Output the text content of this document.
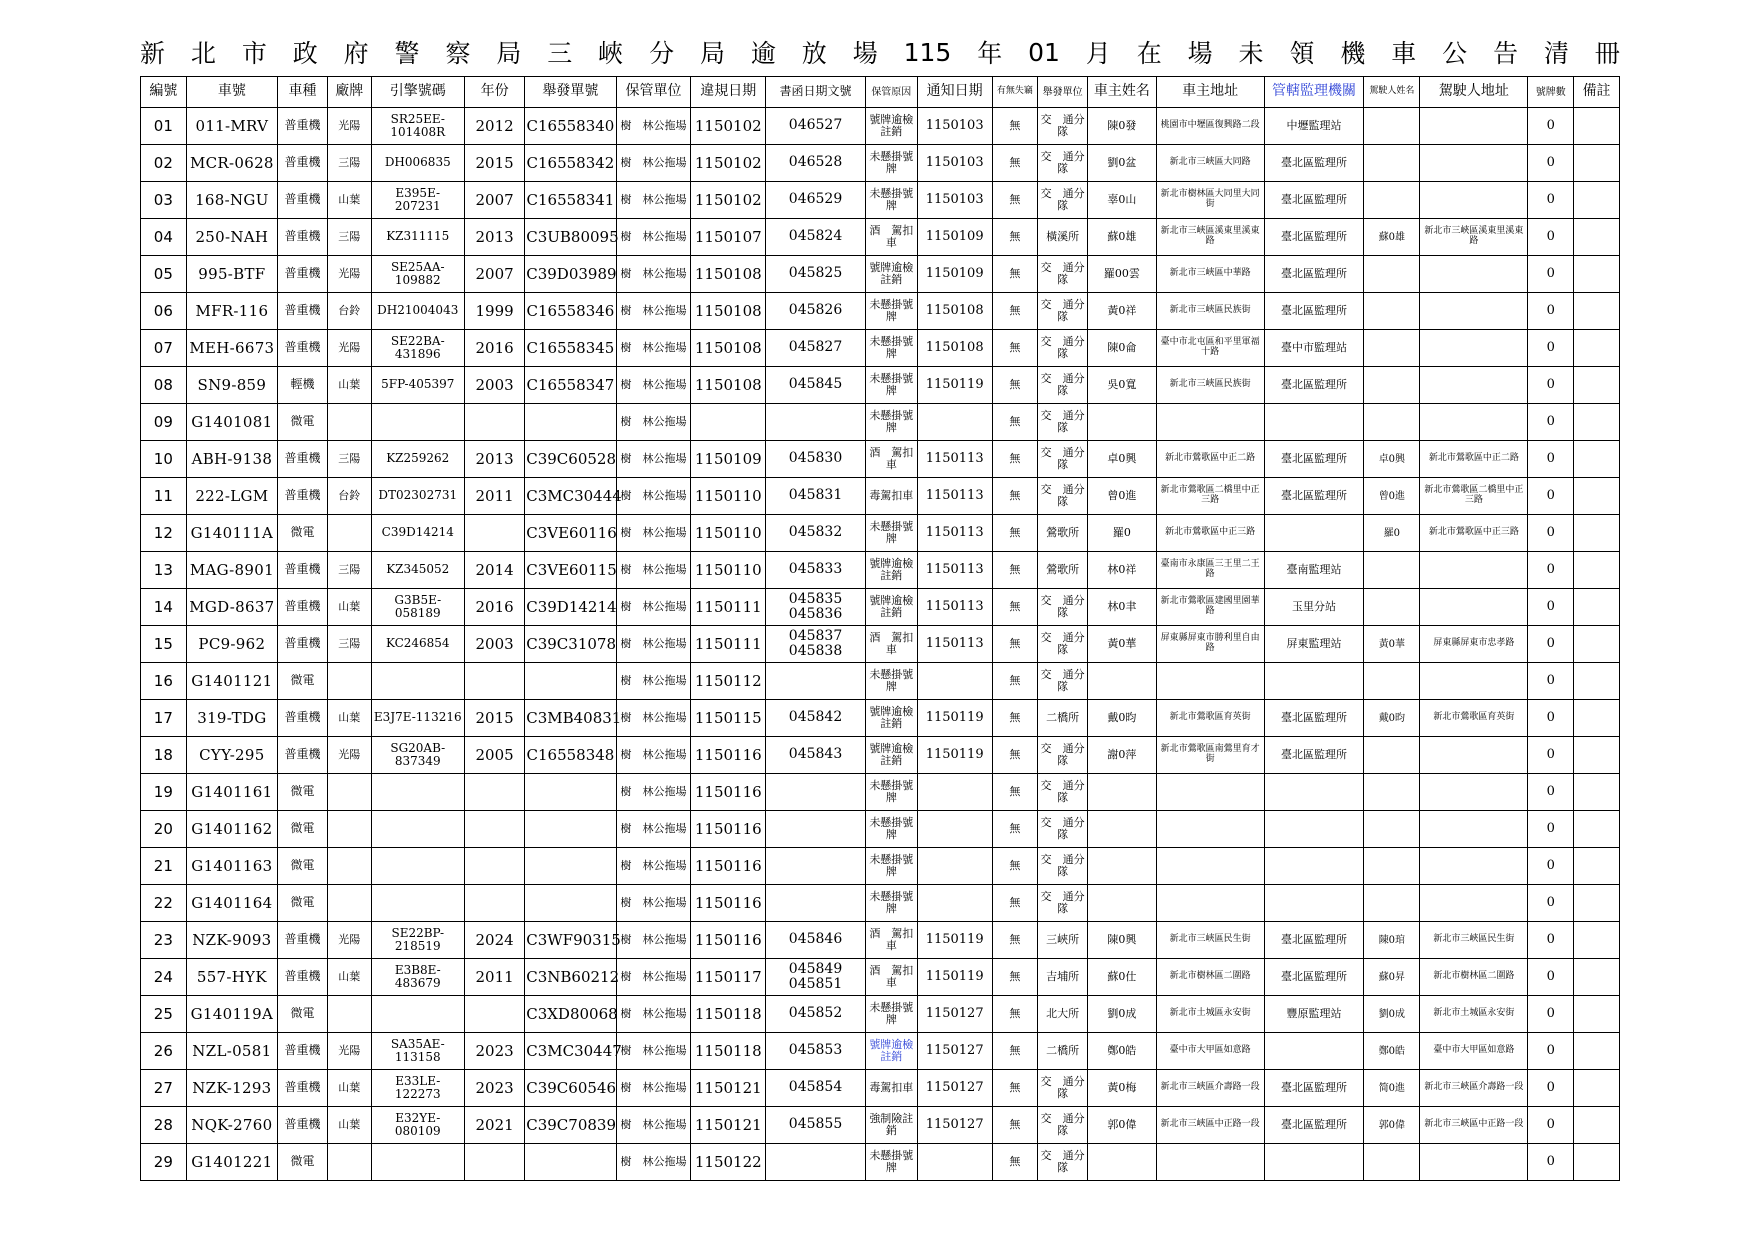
新 北 市 政 府 警 察 局 三 峽 分 局 逾 放 場 115 年 01 月 在 場 未 領 機 車 公 告 清 冊
編號	車號	車種	廠牌	引擎號碼	年份	舉發單號	保管單位	違規日期	書函日期文號	保管原因	通知日期	有無失竊	舉發單位	車主姓名	車主地址	管轄監理機關	駕駛人姓名	駕駛人地址	號牌數	備註
01	011-MRV	普重機	光陽	SR25EE-101408R	2012	C16558340	樹　林公拖場	1150102	046527	號牌逾檢註銷	1150103	無	交　通分　隊	陳0發	桃園市中壢區復興路二段	中壢監理站			0	
02	MCR-0628	普重機	三陽	DH006835	2015	C16558342	樹　林公拖場	1150102	046528	未懸掛號牌	1150103	無	交　通分　隊	劉0盆	新北市三峽區大同路	臺北區監理所			0	
03	168-NGU	普重機	山葉	E395E-207231	2007	C16558341	樹　林公拖場	1150102	046529	未懸掛號牌	1150103	無	交　通分　隊	辜0山	新北市樹林區大同里大同街	臺北區監理所			0	
04	250-NAH	普重機	三陽	KZ311115	2013	C3UB80095	樹　林公拖場	1150107	045824	酒　駕扣　車	1150109	無	橫溪所	蘇0雄	新北市三峽區溪東里溪東路	臺北區監理所	蘇0雄	新北市三峽區溪東里溪東路	0	
05	995-BTF	普重機	光陽	SE25AA-109882	2007	C39D03989	樹　林公拖場	1150108	045825	號牌逾檢註銷	1150109	無	交　通分　隊	羅00雲	新北市三峽區中華路	臺北區監理所			0	
06	MFR-116	普重機	台鈴	DH21004043	1999	C16558346	樹　林公拖場	1150108	045826	未懸掛號牌	1150108	無	交　通分　隊	黃0祥	新北市三峽區民族街	臺北區監理所			0	
07	MEH-6673	普重機	光陽	SE22BA-431896	2016	C16558345	樹　林公拖場	1150108	045827	未懸掛號牌	1150108	無	交　通分　隊	陳0侖	臺中市北屯區和平里軍福十路	臺中市監理站			0	
08	SN9-859	輕機	山葉	5FP-405397	2003	C16558347	樹　林公拖場	1150108	045845	未懸掛號牌	1150119	無	交　通分　隊	吳0寬	新北市三峽區民族街	臺北區監理所			0	
09	G1401081	微電					樹　林公拖場			未懸掛號牌		無	交　通分　隊						0	
10	ABH-9138	普重機	三陽	KZ259262	2013	C39C60528	樹　林公拖場	1150109	045830	酒　駕扣　車	1150113	無	交　通分　隊	卓0興	新北市鶯歌區中正二路	臺北區監理所	卓0興	新北市鶯歌區中正二路	0	
11	222-LGM	普重機	台鈴	DT02302731	2011	C3MC30444	樹　林公拖場	1150110	045831	毒駕扣車	1150113	無	交　通分　隊	曾0進	新北市鶯歌區二橋里中正三路	臺北區監理所	曾0進	新北市鶯歌區二橋里中正三路	0	
12	G140111A	微電		C39D14214		C3VE60116	樹　林公拖場	1150110	045832	未懸掛號牌	1150113	無	鶯歌所	羅0	新北市鶯歌區中正三路		羅0	新北市鶯歌區中正三路	0	
13	MAG-8901	普重機	三陽	KZ345052	2014	C3VE60115	樹　林公拖場	1150110	045833	號牌逾檢註銷	1150113	無	鶯歌所	林0祥	臺南市永康區三王里二王路	臺南監理站			0	
14	MGD-8637	普重機	山葉	G3B5E-058189	2016	C39D14214	樹　林公拖場	1150111	045835 045836	號牌逾檢註銷	1150113	無	交　通分　隊	林0聿	新北市鶯歌區建國里園華路	玉里分站			0	
15	PC9-962	普重機	三陽	KC246854	2003	C39C31078	樹　林公拖場	1150111	045837 045838	酒　駕扣　車	1150113	無	交　通分　隊	黃0華	屏東縣屏東市勝利里自由路	屏東監理站	黃0華	屏東縣屏東市忠孝路	0	
16	G1401121	微電					樹　林公拖場	1150112		未懸掛號牌		無	交　通分　隊						0	
17	319-TDG	普重機	山葉	E3J7E-113216	2015	C3MB40831	樹　林公拖場	1150115	045842	號牌逾檢註銷	1150119	無	二橋所	戴0昀	新北市鶯歌區育英街	臺北區監理所	戴0昀	新北市鶯歌區育英街	0	
18	CYY-295	普重機	光陽	SG20AB-837349	2005	C16558348	樹　林公拖場	1150116	045843	號牌逾檢註銷	1150119	無	交　通分　隊	謝0萍	新北市鶯歌區南鶯里育才街	臺北區監理所			0	
19	G1401161	微電					樹　林公拖場	1150116		未懸掛號牌		無	交　通分　隊						0	
20	G1401162	微電					樹　林公拖場	1150116		未懸掛號牌		無	交　通分　隊						0	
21	G1401163	微電					樹　林公拖場	1150116		未懸掛號牌		無	交　通分　隊						0	
22	G1401164	微電					樹　林公拖場	1150116		未懸掛號牌		無	交　通分　隊						0	
23	NZK-9093	普重機	光陽	SE22BP-218519	2024	C3WF90315	樹　林公拖場	1150116	045846	酒　駕扣　車	1150119	無	三峽所	陳0興	新北市三峽區民生街	臺北區監理所	陳0琯	新北市三峽區民生街	0	
24	557-HYK	普重機	山葉	E3B8E-483679	2011	C3NB60212	樹　林公拖場	1150117	045849 045851	酒　駕扣　車	1150119	無	吉埔所	蘇0仕	新北市樹林區二圍路	臺北區監理所	蘇0昇	新北市樹林區二圍路	0	
25	G140119A	微電				C3XD80068	樹　林公拖場	1150118	045852	未懸掛號牌	1150127	無	北大所	劉0成	新北市土城區永安街	豐原監理站	劉0成	新北市土城區永安街	0	
26	NZL-0581	普重機	光陽	SA35AE-113158	2023	C3MC30447	樹　林公拖場	1150118	045853	號牌逾檢註銷	1150127	無	二橋所	鄭0皓	臺中市大甲區如意路		鄭0皓	臺中市大甲區如意路	0	
27	NZK-1293	普重機	山葉	E33LE-122273	2023	C39C60546	樹　林公拖場	1150121	045854	毒駕扣車	1150127	無	交　通分　隊	黃0梅	新北市三峽區介壽路一段	臺北區監理所	简0進	新北市三峽區介壽路一段	0	
28	NQK-2760	普重機	山葉	E32YE-080109	2021	C39C70839	樹　林公拖場	1150121	045855	強制險註銷	1150127	無	交　通分　隊	郭0偉	新北市三峽區中正路一段	臺北區監理所	郭0偉	新北市三峽區中正路一段	0	
29	G1401221	微電					樹　林公拖場	1150122		未懸掛號牌		無	交　通分　隊						0	
